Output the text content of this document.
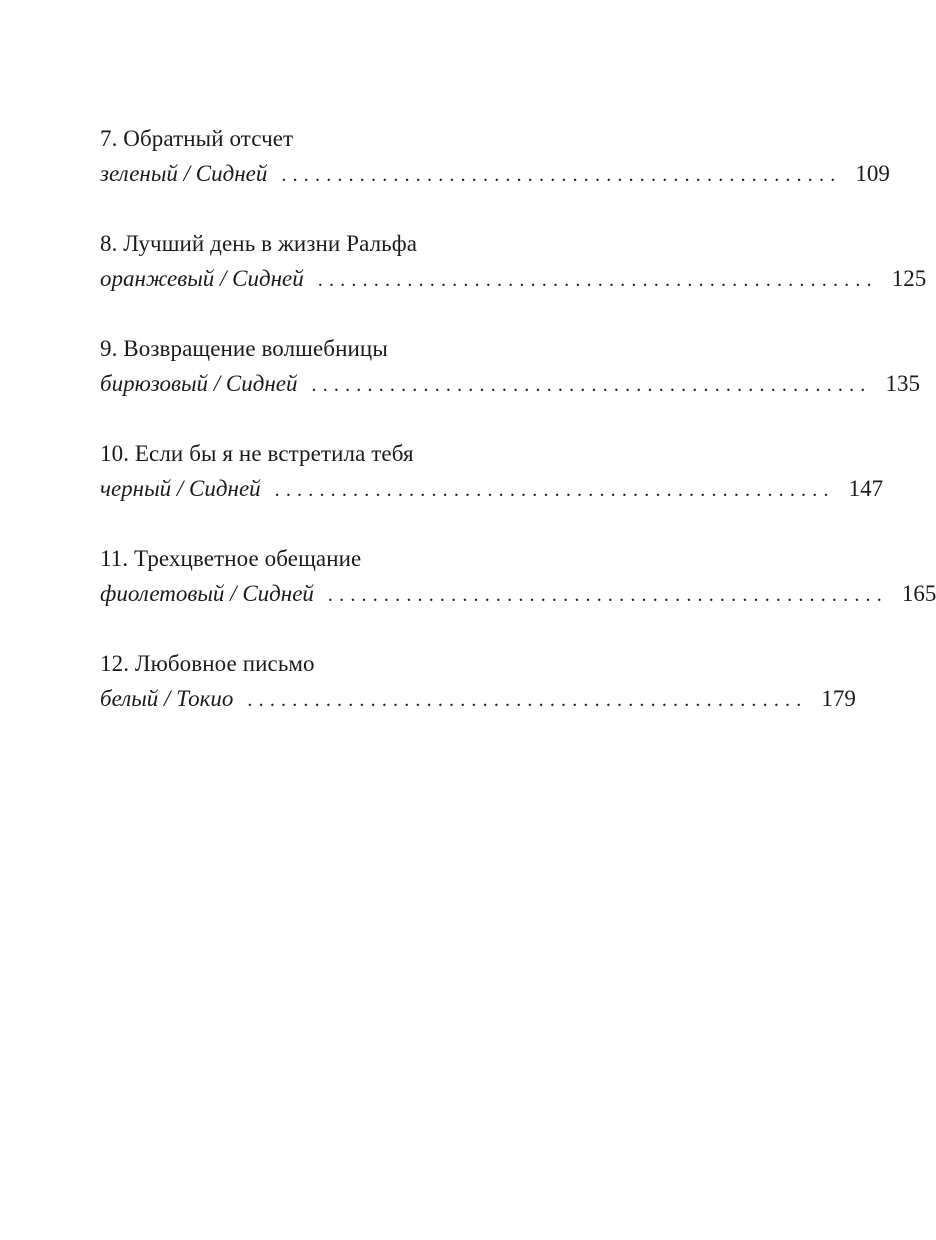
7. Обратный отсчет
зеленый / Сидней .................................................. 109
8. Лучший день в жизни Ральфа
оранжевый / Сидней .................................................. 125
9. Возвращение волшебницы
бирюзовый / Сидней .................................................. 135
10. Если бы я не встретила тебя
черный / Сидней .................................................. 147
11. Трехцветное обещание
фиолетовый / Сидней .................................................. 165
12. Любовное письмо
белый / Токио .................................................. 179
